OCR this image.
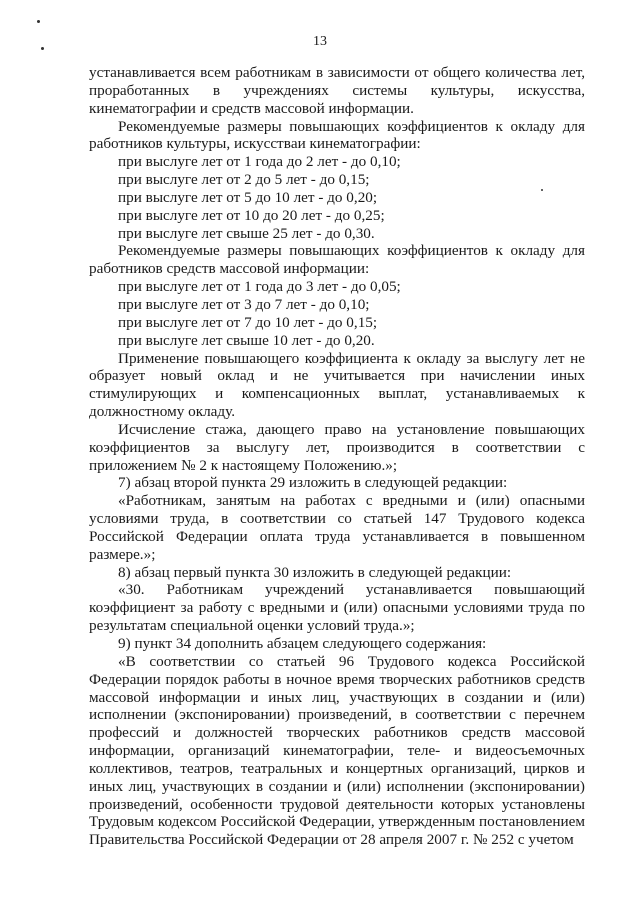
13

устанавливается всем работникам в зависимости от общего количества лет, проработанных в учреждениях системы культуры, искусства, кинематографии и средств массовой информации.

Рекомендуемые размеры повышающих коэффициентов к окладу для работников культуры, искусствaи кинематографии:

при выслуге лет от 1 года до 2 лет - до 0,10;

при выслуге лет от 2 до 5 лет - до 0,15;

при выслуге лет от 5 до 10 лет - до 0,20;

при выслуге лет от 10 до 20 лет - до 0,25;

при выслуге лет свыше 25 лет - до 0,30.

Рекомендуемые размеры повышающих коэффициентов к окладу для работников средств массовой информации:

при выслуге лет от 1 года до 3 лет - до 0,05;

при выслуге лет от 3 до 7 лет - до 0,10;

при выслуге лет от 7 до 10 лет - до 0,15;

при выслуге лет свыше 10 лет - до 0,20.

Применение повышающего коэффициента к окладу за выслугу лет не образует новый оклад и не учитывается при начислении иных стимулирующих и компенсационных выплат, устанавливаемых к должностному окладу.

Исчисление стажа, дающего право на установление повышающих коэффициентов за выслугу лет, производится в соответствии с приложением № 2 к настоящему Положению.»;

7) абзац второй пункта 29 изложить в следующей редакции:

«Работникам, занятым на работах с вредными и (или) опасными условиями труда, в соответствии со статьей 147 Трудового кодекса Российской Федерации оплата труда устанавливается в повышенном размере.»;

8) абзац первый пункта 30 изложить в следующей редакции:

«30. Работникам учреждений устанавливается повышающий коэффициент за работу с вредными и (или) опасными условиями труда по результатам специальной оценки условий труда.»;

9) пункт 34 дополнить абзацем следующего содержания:

«В соответствии со статьей 96 Трудового кодекса Российской Федерации порядок работы в ночное время творческих работников средств массовой информации и иных лиц, участвующих в создании и (или) исполнении (экспонировании) произведений, в соответствии с перечнем профессий и должностей творческих работников средств массовой информации, организаций кинематографии, теле- и видеосъемочных коллективов, театров, театральных и концертных организаций, цирков и иных лиц, участвующих в создании и (или) исполнении (экспонировании) произведений, особенности трудовой деятельности которых установлены Трудовым кодексом Российской Федерации, утвержденным постановлением Правительства Российской Федерации от 28 апреля 2007 г. № 252 с учетом
